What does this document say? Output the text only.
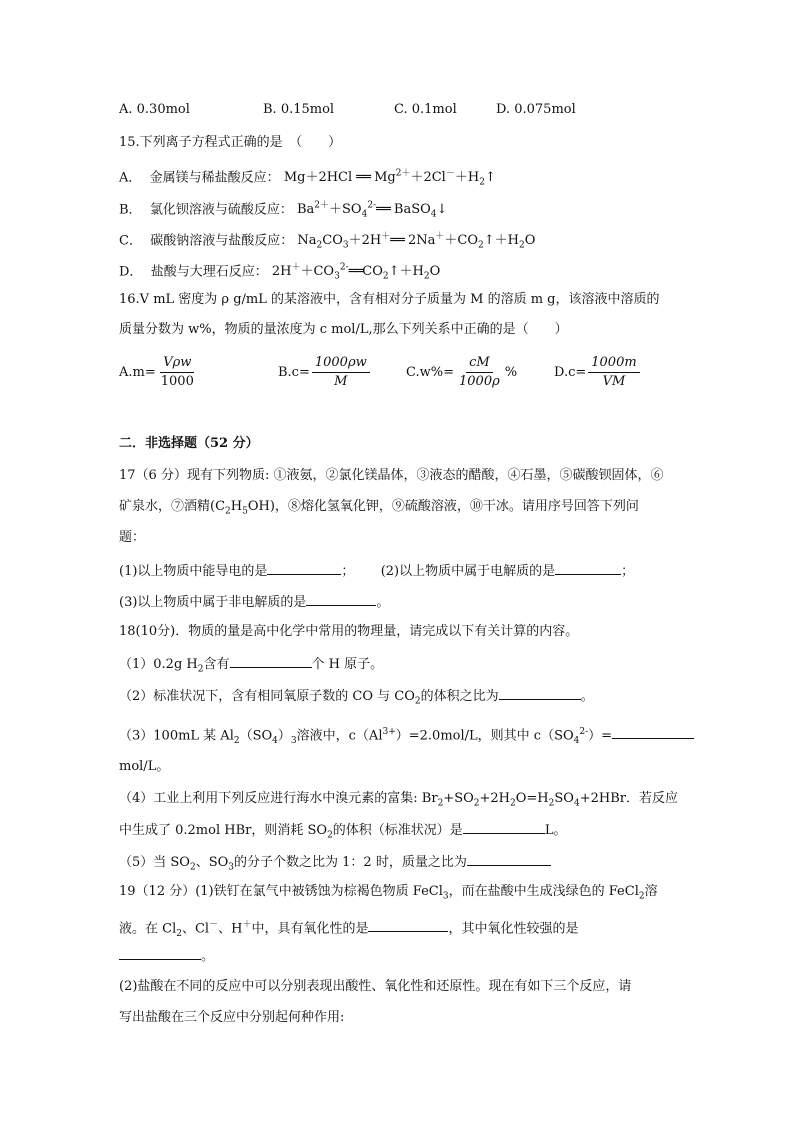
A. 0.30mol	B. 0.15mol	C. 0.1mol	D. 0.075mol
15.下列离子方程式正确的是　（　　）
A． 金属镁与稀盐酸反应： Mg＋2HCl ══ $Mg^{2+}+2Cl^-+H_2↑$
B． 氯化钡溶液与硫酸反应： $Ba^{2+}+SO_4^{2-}══$ BaSO$_4$↓
C． 碳酸钠溶液与盐酸反应： $Na_2CO_3+2H^+══$ $2Na^++CO_2↑+H_2O$
D． 盐酸与大理石反应： $2H^++CO_3^{2-}══CO_2↑+H_2O$
16.V mL 密度为 ρ g/mL 的某溶液中，含有相对分子质量为 M 的溶质 m g，该溶液中溶质的
质量分数为 w%，物质的量浓度为 c mol/L,那么下列关系中正确的是（　　）
$A.m= \frac{\text{Vρw}}{1000}$	$B.c= \frac{1000\rho w}{M}$	$C.w\%= \frac{cM}{1000\rho}$ %	$D.c= \frac{1000m}{VM}$
二．非选择题（52 分）
17（6 分）现有下列物质: ①液氨，②氯化镁晶体，③液态的醋酸，④石墨，⑤碳酸钡固体，⑥
矿泉水，⑦酒精$(C_2H_5OH)$，⑧熔化氢氧化钾，⑨硫酸溶液，⑩干冰。请用序号回答下列问
题：
(1)以上物质中能导电的是	； (2)以上物质中属于电解质的是	；
(3)以上物质中属于非电解质的是	。
18(10分)．物质的量是高中化学中常用的物理量，请完成以下有关计算的内容。
（1）0.2g $H_2$含有	个 H 原子。
（2）标准状况下，含有相同氧原子数的 CO 与 $CO_2$的体积之比为	。
（3）100mL 某 $Al_2(SO_4)_3$溶液中，$c(Al^{3+})=2.0mol/L$，则其中 $c(SO_4^{2-})=$
mol/L。
（4）工业上利用下列反应进行海水中溴元素的富集: $Br_2+SO_2+2H_2O=H_2SO_4+2HBr$．若反应
中生成了 0.2mol HBr，则消耗 $SO_2$的体积（标准状况）是	L。
（5）当 $SO_2$、$SO_3$的分子个数之比为 1：2 时，质量之比为
19（12 分）(1)铁钉在氯气中被锈蚀为棕褐色物质 FeCl$_3$，而在盐酸中生成浅绿色的 FeCl$_2$溶
液。在 $Cl_2$、Cl－、H＋中，具有氧化性的是	，其中氧化性较强的是
。
(2)盐酸在不同的反应中可以分别表现出酸性、氧化性和还原性。现在有如下三个反应，请
写出盐酸在三个反应中分别起何种作用:
